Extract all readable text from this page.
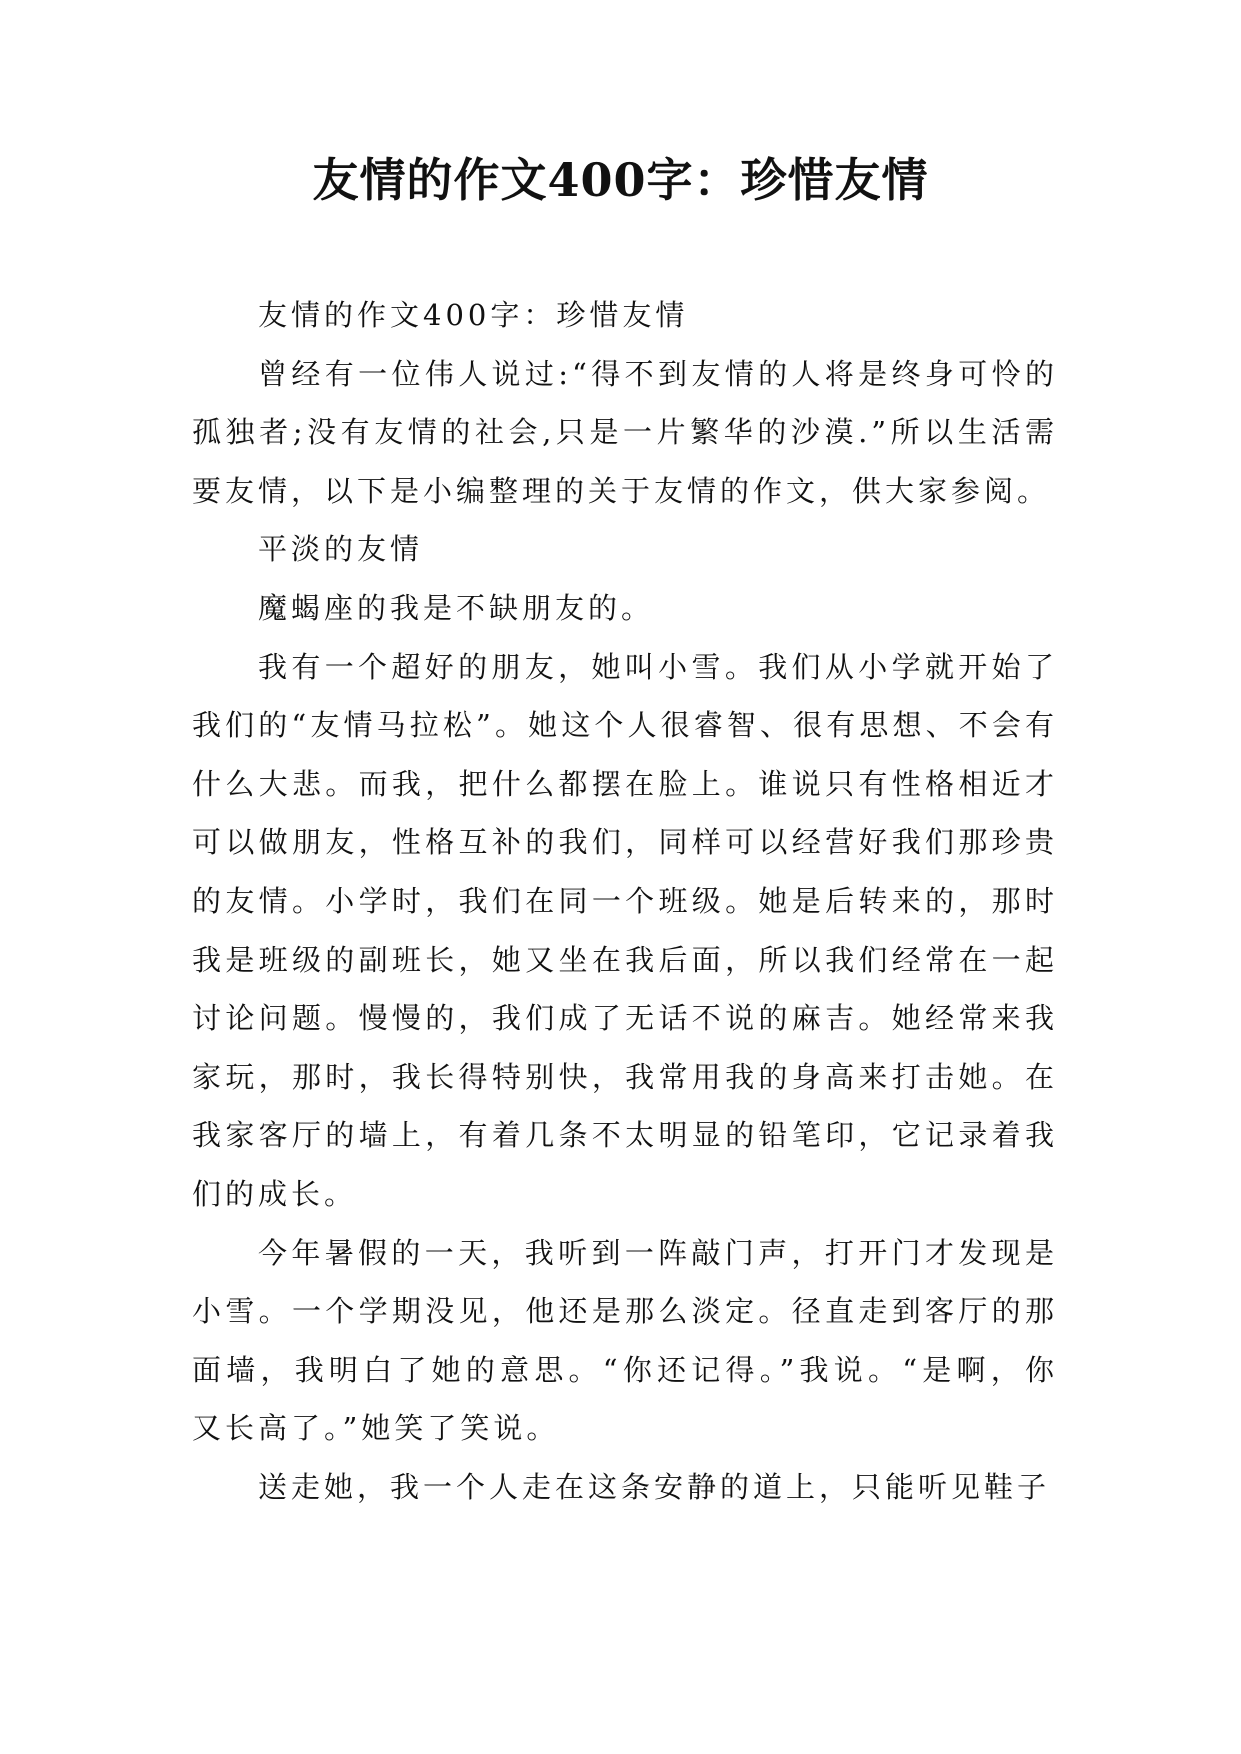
友情的作文400字：珍惜友情

友情的作文400字：珍惜友情

曾经有一位伟人说过:“得不到友情的人将是终身可怜的孤独者;没有友情的社会,只是一片繁华的沙漠.”所以生活需要友情，以下是小编整理的关于友情的作文，供大家参阅。

平淡的友情

魔蝎座的我是不缺朋友的。

我有一个超好的朋友，她叫小雪。我们从小学就开始了我们的“友情马拉松”。她这个人很睿智、很有思想、不会有什么大悲。而我，把什么都摆在脸上。谁说只有性格相近才可以做朋友，性格互补的我们，同样可以经营好我们那珍贵的友情。小学时，我们在同一个班级。她是后转来的，那时我是班级的副班长，她又坐在我后面，所以我们经常在一起讨论问题。慢慢的，我们成了无话不说的麻吉。她经常来我家玩，那时，我长得特别快，我常用我的身高来打击她。在我家客厅的墙上，有着几条不太明显的铅笔印，它记录着我们的成长。

今年暑假的一天，我听到一阵敲门声，打开门才发现是小雪。一个学期没见，他还是那么淡定。径直走到客厅的那面墙，我明白了她的意思。“你还记得。”我说。“是啊，你又长高了。”她笑了笑说。

送走她，我一个人走在这条安静的道上，只能听见鞋子
